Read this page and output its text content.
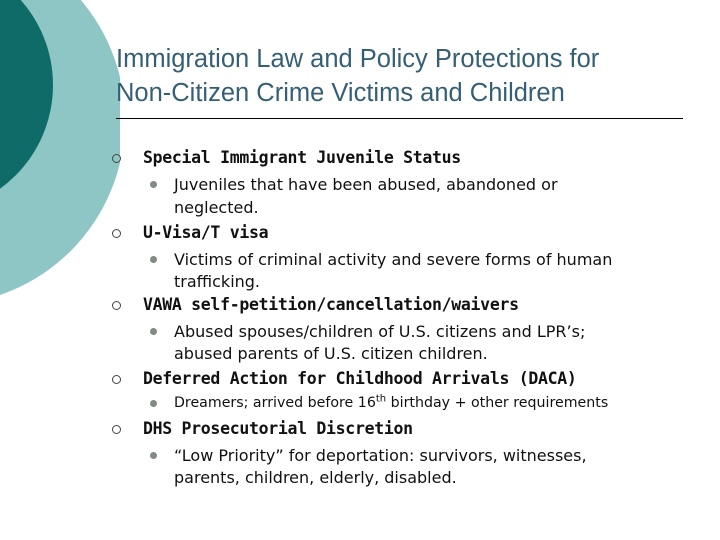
Immigration Law and Policy Protections for
Non-Citizen Crime Victims and Children
Special Immigrant Juvenile Status
Juveniles that have been abused, abandoned or
neglected.
U-Visa/T visa
Victims of criminal activity and severe forms of human
trafficking.
VAWA self-petition/cancellation/waivers
Abused spouses/children of U.S. citizens and LPR’s;
abused parents of U.S. citizen children.
Deferred Action for Childhood Arrivals (DACA)
Dreamers; arrived before 16th birthday + other requirements
DHS Prosecutorial Discretion
“Low Priority” for deportation: survivors, witnesses,
parents, children, elderly, disabled.
